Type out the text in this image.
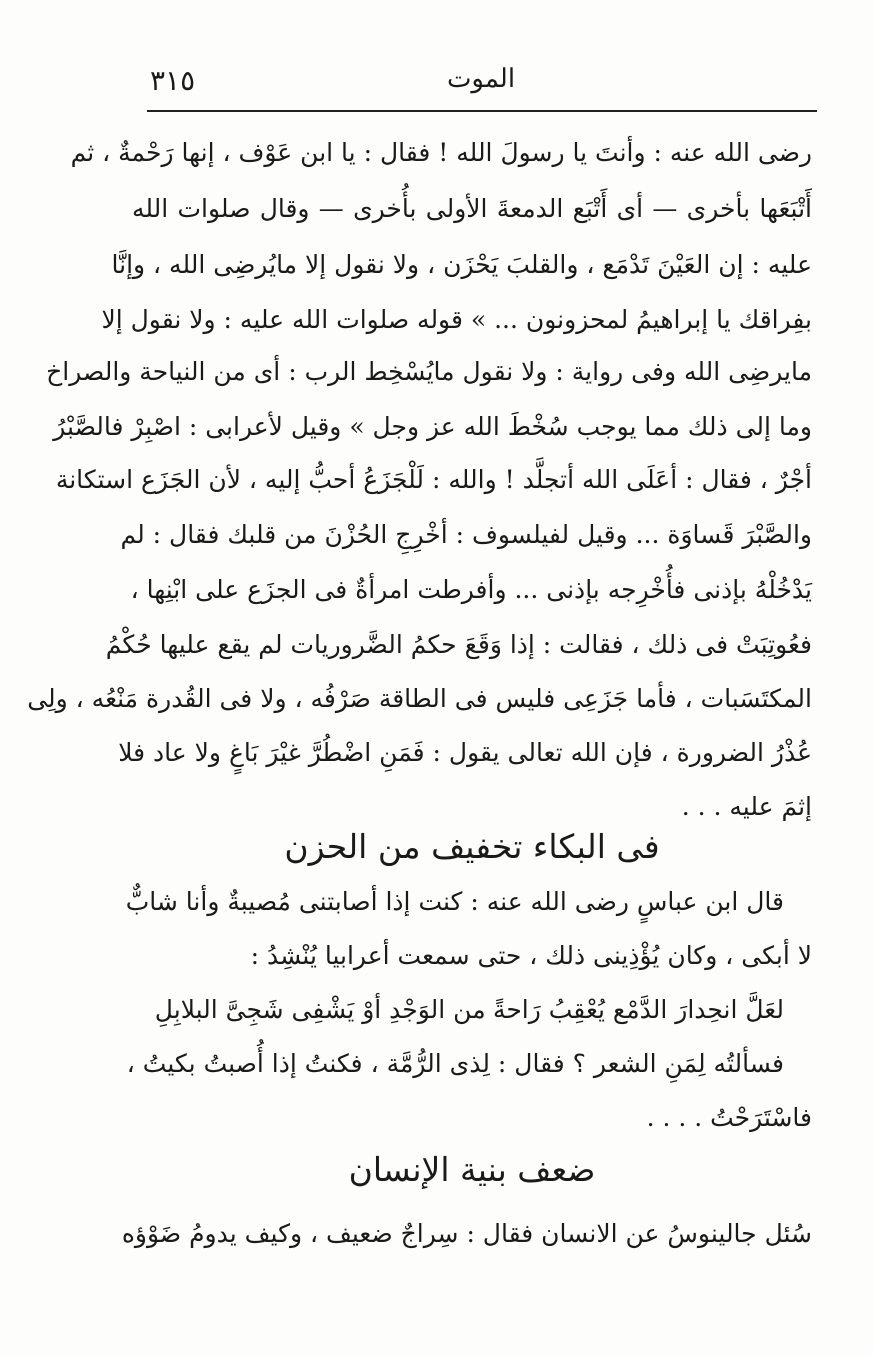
٣١٥	الموت
رضى الله عنه : وأنتَ يا رسولَ الله ! فقال : يا ابن عَوْف ، إنها رَحْمةٌ ، ثم
أَتْبَعَها بأخرى — أى أَتْبَع الدمعةَ الأولى بأُخرى — وقال صلوات الله
عليه : إن العَيْنَ تَدْمَع ، والقلبَ يَحْزَن ، ولا نقول إلا مايُرضِى الله ، وإنَّا
بفِراقك يا إبراهيمُ لمحزونون ... » قوله صلوات الله عليه : ولا نقول إلا
مايرضِى الله وفى رواية : ولا نقول مايُسْخِط الرب : أى من النياحة والصراخ
وما إلى ذلك مما يوجب سُخْطَ الله عز وجل » وقيل لأعرابى : اصْبِرْ فالصَّبْرُ
أجْرٌ ، فقال : أعَلَى الله أتجلَّد ! والله : لَلْجَزَعُ أحبُّ إليه ، لأن الجَزَع استكانة
والصَّبْرَ قَساوَة ... وقيل لفيلسوف : أخْرِجِ الحُزْنَ من قلبك فقال : لم
يَدْخُلْهُ بإذنى فأُخْرِجه بإذنى ... وأفرطت امرأةٌ فى الجزَع على ابْنِها ،
فعُوتِبَتْ فى ذلك ، فقالت : إذا وَقَعَ حكمُ الضَّروريات لم يقع عليها حُكْمُ
المكتَسَبات ، فأما جَزَعِى فليس فى الطاقة صَرْفُه ، ولا فى القُدرة مَنْعُه ، ولِى
عُذْرُ الضرورة ، فإن الله تعالى يقول : فَمَنِ اضْطُرَّ غيْرَ بَاغٍ ولا عاد فلا
إثمَ عليه . . .
فى البكاء تخفيف من الحزن
قال ابن عباسٍ رضى الله عنه : كنت إذا أصابتنى مُصيبةٌ وأنا شابٌّ
لا أبكى ، وكان يُؤْذِينى ذلك ، حتى سمعت أعرابيا يُنْشِدُ :
لعَلَّ انحِدارَ الدَّمْع يُعْقِبُ رَاحةًمن الوَجْدِ أوْ يَشْفِى شَجِىَّ البلابِلِ
فسألتُه لِمَنِ الشعر ؟ فقال : لِذى الرُّمَّة ، فكنتُ إذا أُصبتُ بكيتُ ،
فاسْتَرَحْتُ . . . .
ضعف بنية الإنسان
سُئل جالينوسُ عن الانسان فقال : سِراجٌ ضعيف ، وكيف يدومُ ضَوْؤه
